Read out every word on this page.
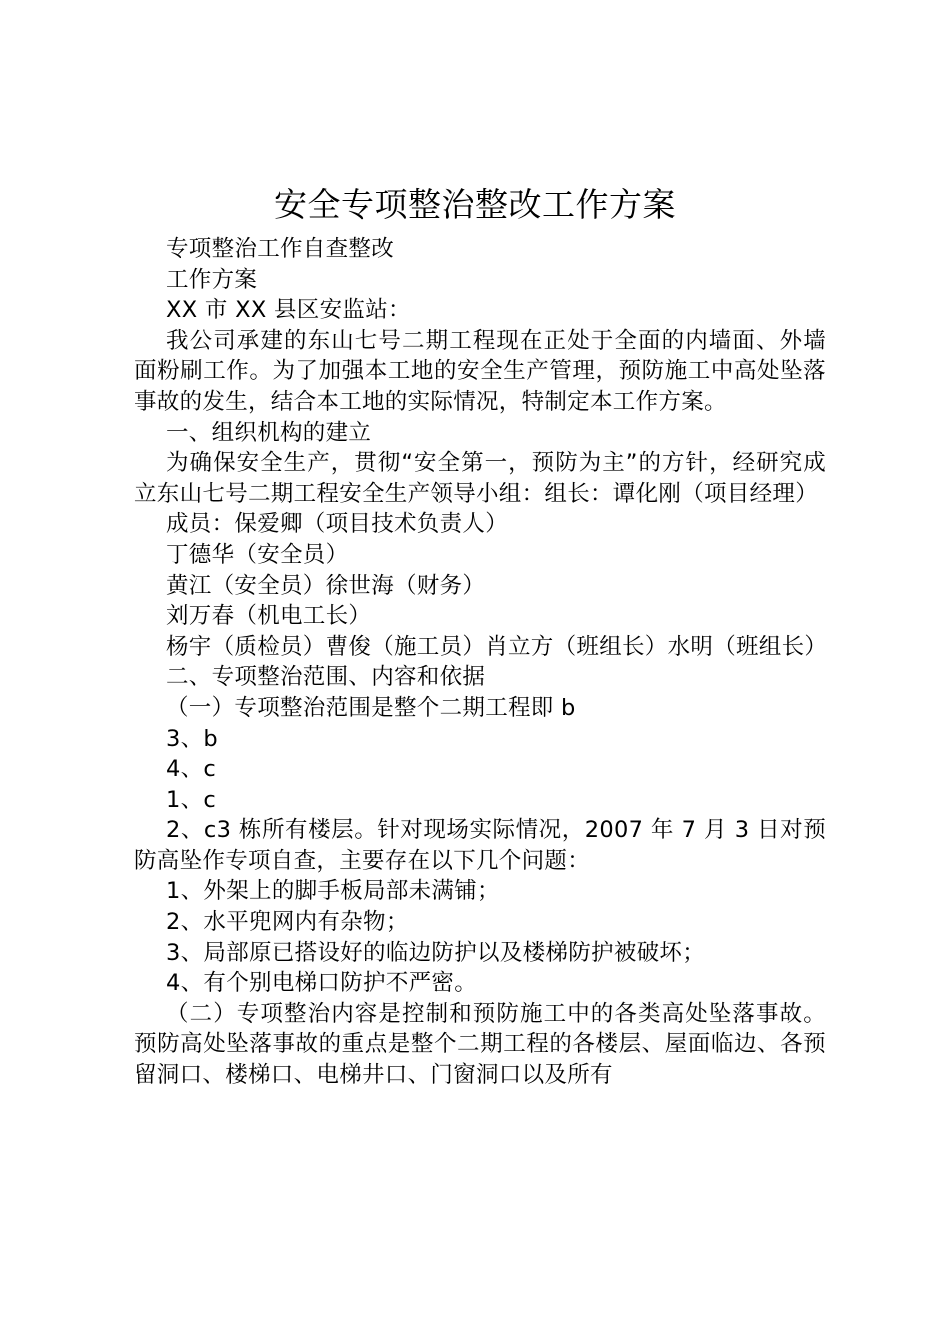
安全专项整治整改工作方案

专项整治工作自查整改

工作方案

XX 市 XX 县区安监站：

我公司承建的东山七号二期工程现在正处于全面的内墙面、外墙面粉刷工作。为了加强本工地的安全生产管理，预防施工中高处坠落事故的发生，结合本工地的实际情况，特制定本工作方案。

一、组织机构的建立

为确保安全生产，贯彻“安全第一，预防为主”的方针，经研究成立东山七号二期工程安全生产领导小组：组长：谭化刚（项目经理）

成员：保爱卿（项目技术负责人）

丁德华（安全员）

黄江（安全员）徐世海（财务）

刘万春（机电工长）

杨宇（质检员）曹俊（施工员）肖立方（班组长）水明（班组长）

二、专项整治范围、内容和依据

（一）专项整治范围是整个二期工程即 b

3、b

4、c

1、c

2、c3 栋所有楼层。针对现场实际情况，2007 年 7 月 3 日对预防高坠作专项自查，主要存在以下几个问题：

1、外架上的脚手板局部未满铺；

2、水平兜网内有杂物；

3、局部原已搭设好的临边防护以及楼梯防护被破坏；

4、有个别电梯口防护不严密。

（二）专项整治内容是控制和预防施工中的各类高处坠落事故。预防高处坠落事故的重点是整个二期工程的各楼层、屋面临边、各预留洞口、楼梯口、电梯井口、门窗洞口以及所有
